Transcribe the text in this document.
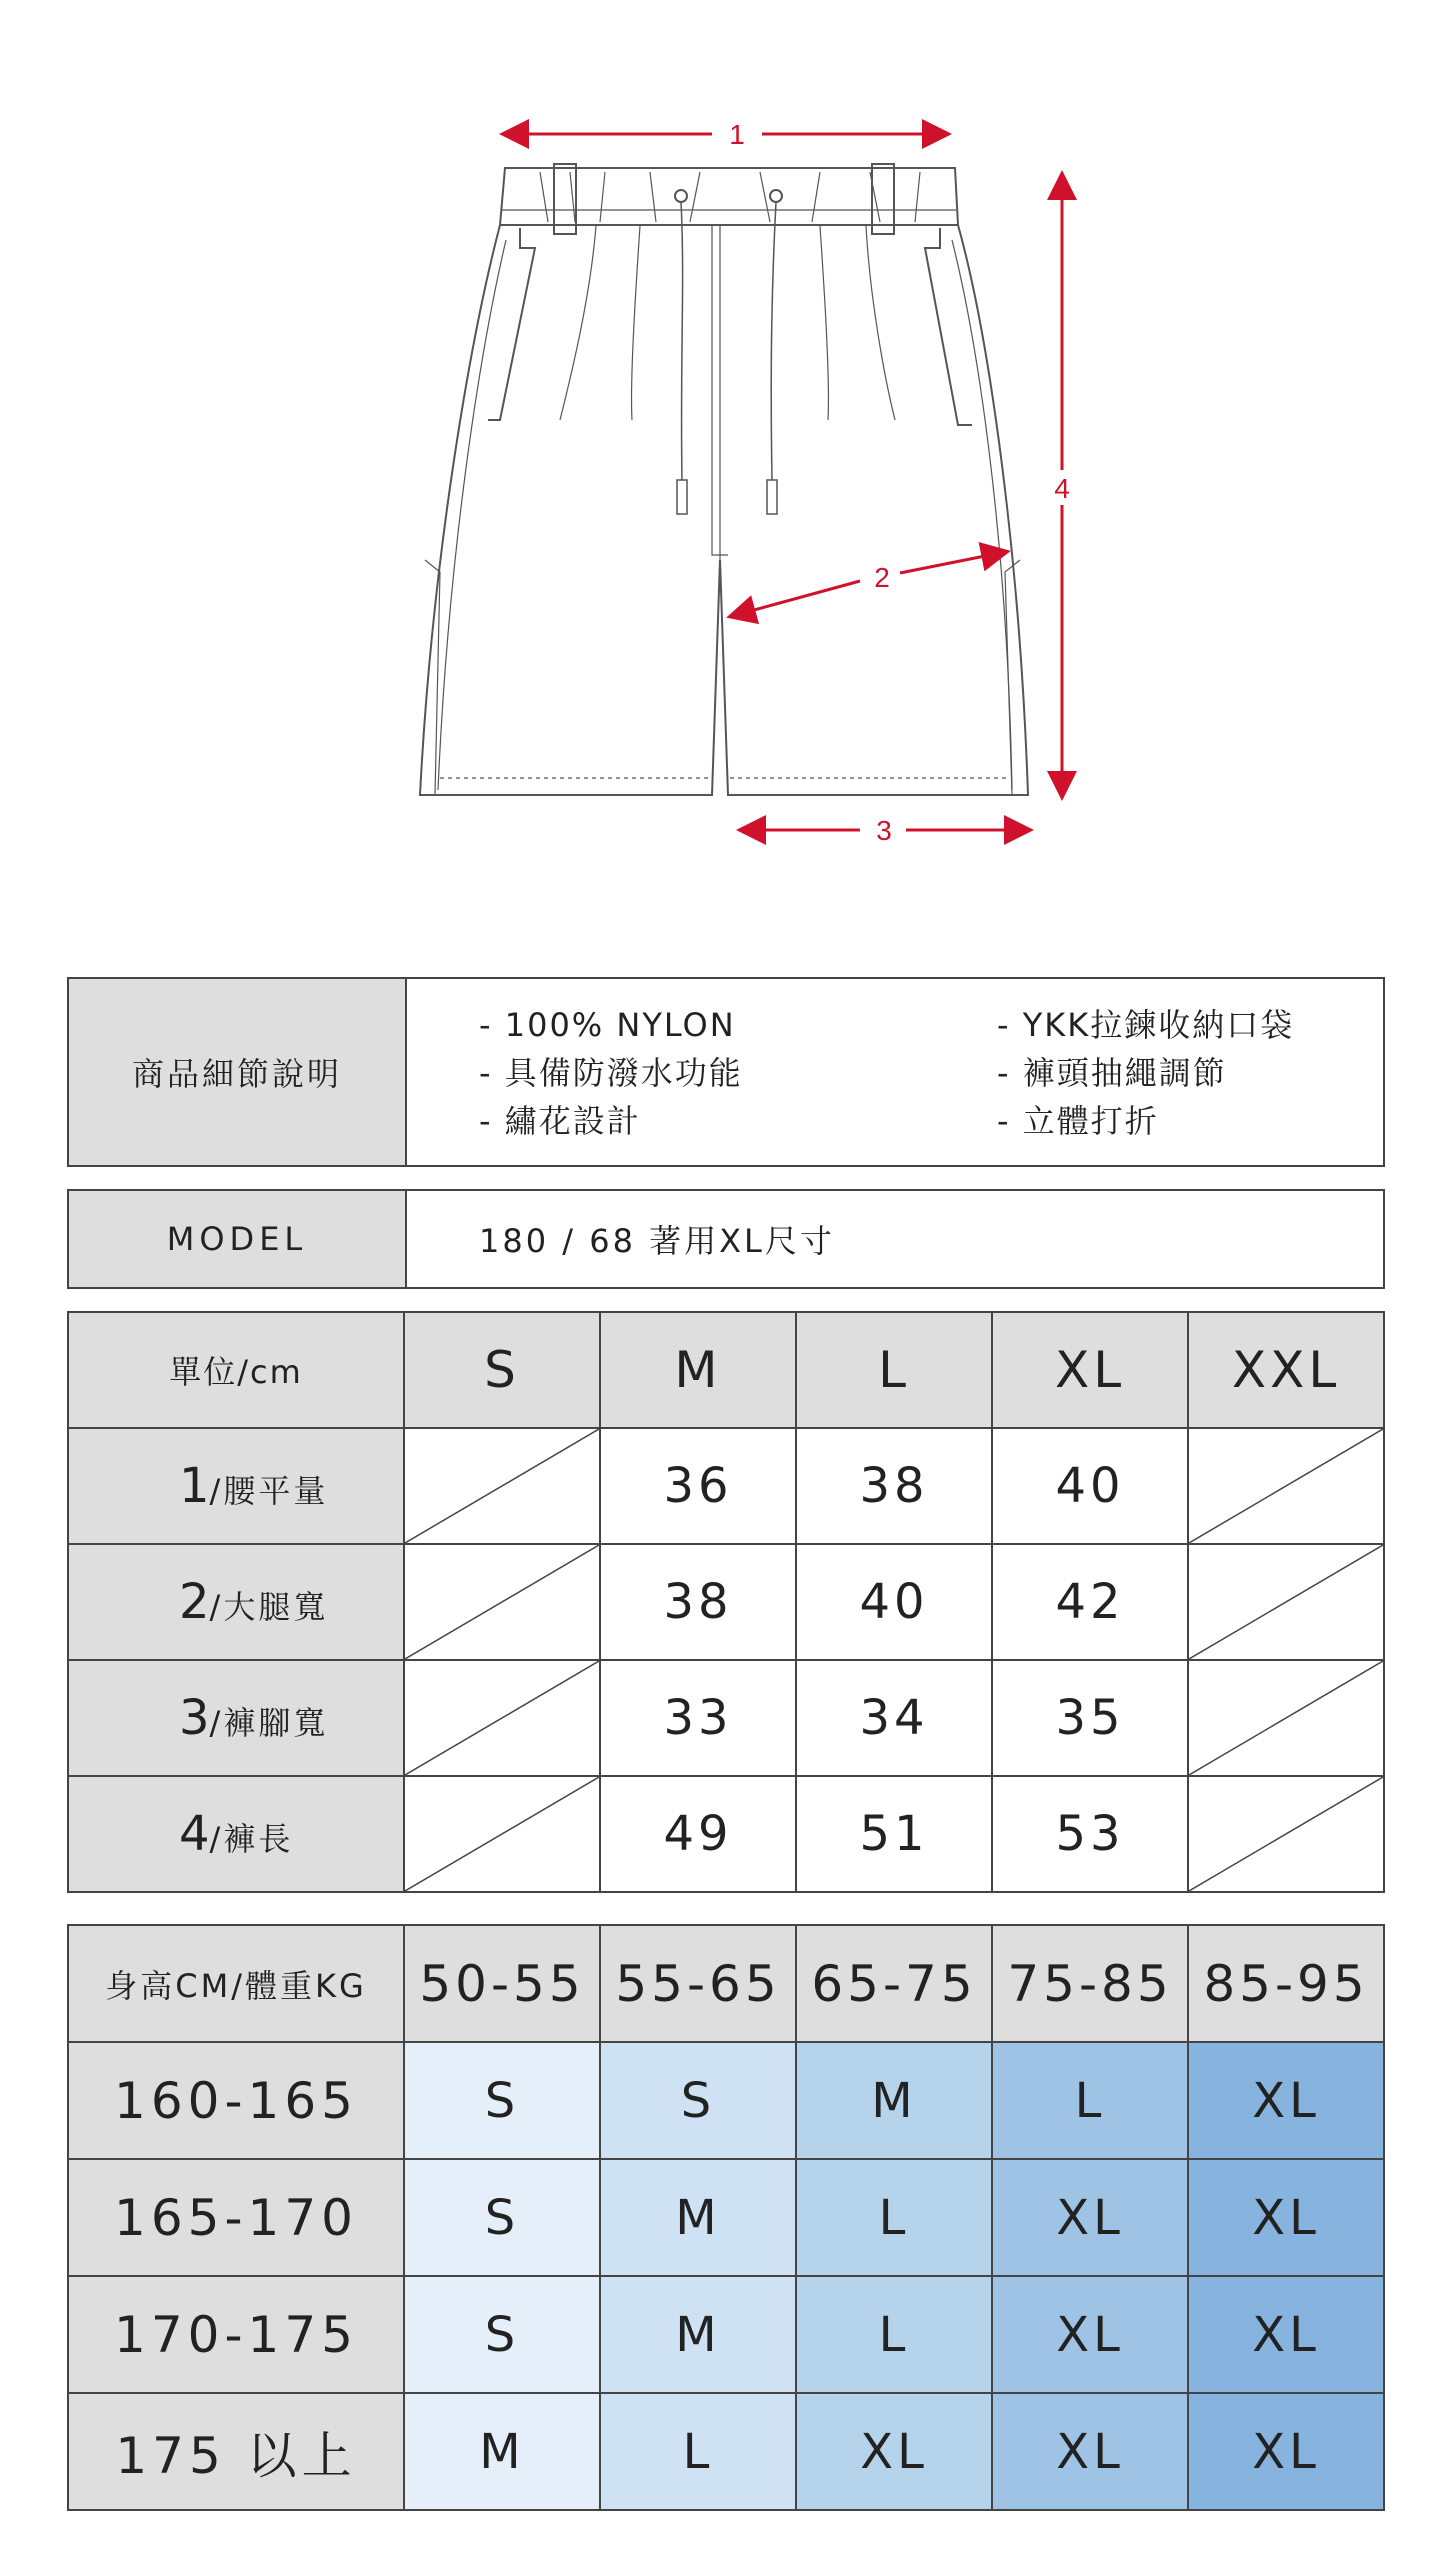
1
2
3
4
商品細節說明	
- 100% NYLON
- 具備防潑水功能
- 繡花設計
- YKK拉鍊收納口袋
- 褲頭抽繩調節
- 立體打折
MODEL	180 / 68 著用XL尺寸
單位/cm	S	M	L	XL	XXL
1/腰平量		36	38	40	

2/大腿寬		38	40	42	

3/褲腳寬		33	34	35	

4/褲長		49	51	53	
身高CM/體重KG	50-55	55-65	65-75	75-85	85-95
160-165	S	S	M	L	XL
165-170	S	M	L	XL	XL
170-175	S	M	L	XL	XL
175 以上	M	L	XL	XL	XL
